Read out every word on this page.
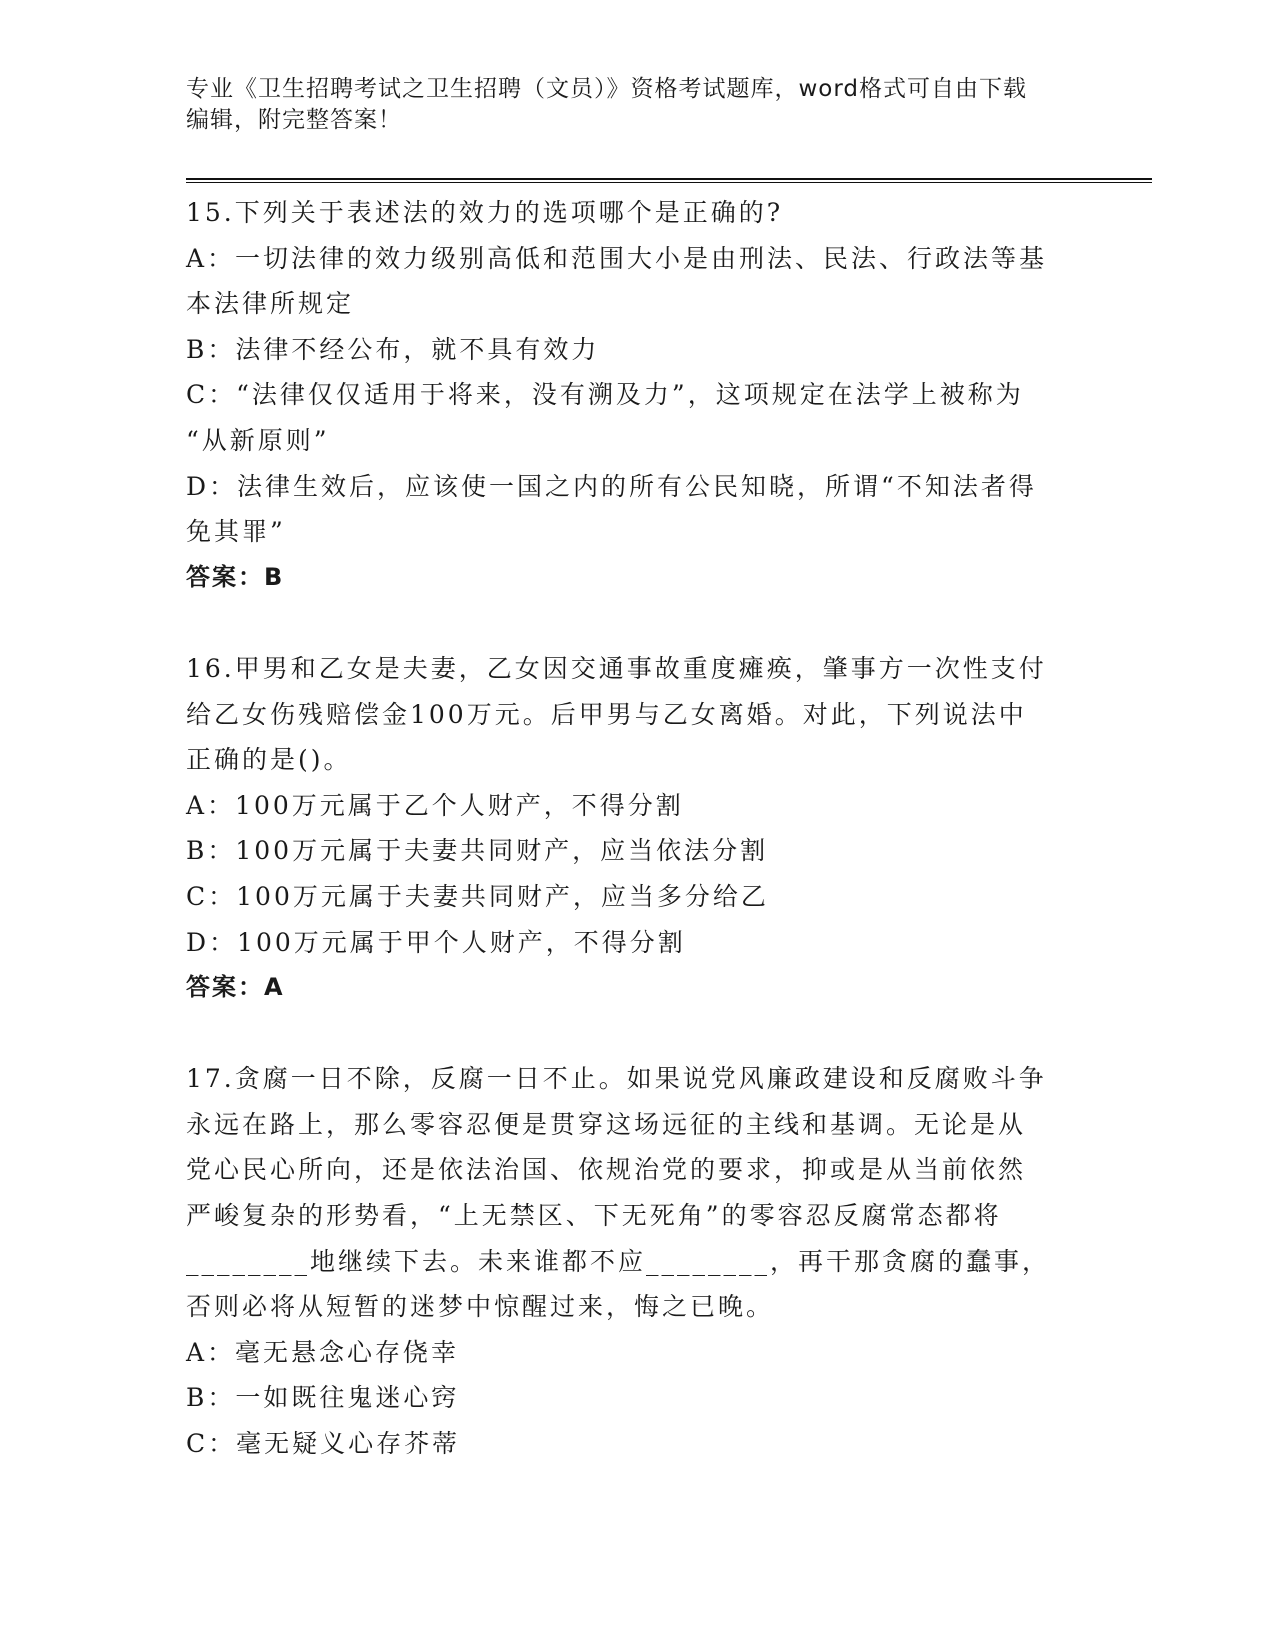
专业《卫生招聘考试之卫生招聘（文员）》资格考试题库，word格式可自由下载
编辑，附完整答案！
15.下列关于表述法的效力的选项哪个是正确的?
A：一切法律的效力级别高低和范围大小是由刑法、民法、行政法等基
本法律所规定
B：法律不经公布，就不具有效力
C：“法律仅仅适用于将来，没有溯及力”，这项规定在法学上被称为
“从新原则”
D：法律生效后，应该使一国之内的所有公民知晓，所谓“不知法者得
免其罪”
答案：B
16.甲男和乙女是夫妻，乙女因交通事故重度瘫痪，肇事方一次性支付
给乙女伤残赔偿金100万元。后甲男与乙女离婚。对此，下列说法中
正确的是()。
A：100万元属于乙个人财产，不得分割
B：100万元属于夫妻共同财产，应当依法分割
C：100万元属于夫妻共同财产，应当多分给乙
D：100万元属于甲个人财产，不得分割
答案：A
17.贪腐一日不除，反腐一日不止。如果说党风廉政建设和反腐败斗争
永远在路上，那么零容忍便是贯穿这场远征的主线和基调。无论是从
党心民心所向，还是依法治国、依规治党的要求，抑或是从当前依然
严峻复杂的形势看，“上无禁区、下无死角”的零容忍反腐常态都将
________地继续下去。未来谁都不应________，再干那贪腐的蠢事，
否则必将从短暂的迷梦中惊醒过来，悔之已晚。
A：毫无悬念心存侥幸
B：一如既往鬼迷心窍
C：毫无疑义心存芥蒂
